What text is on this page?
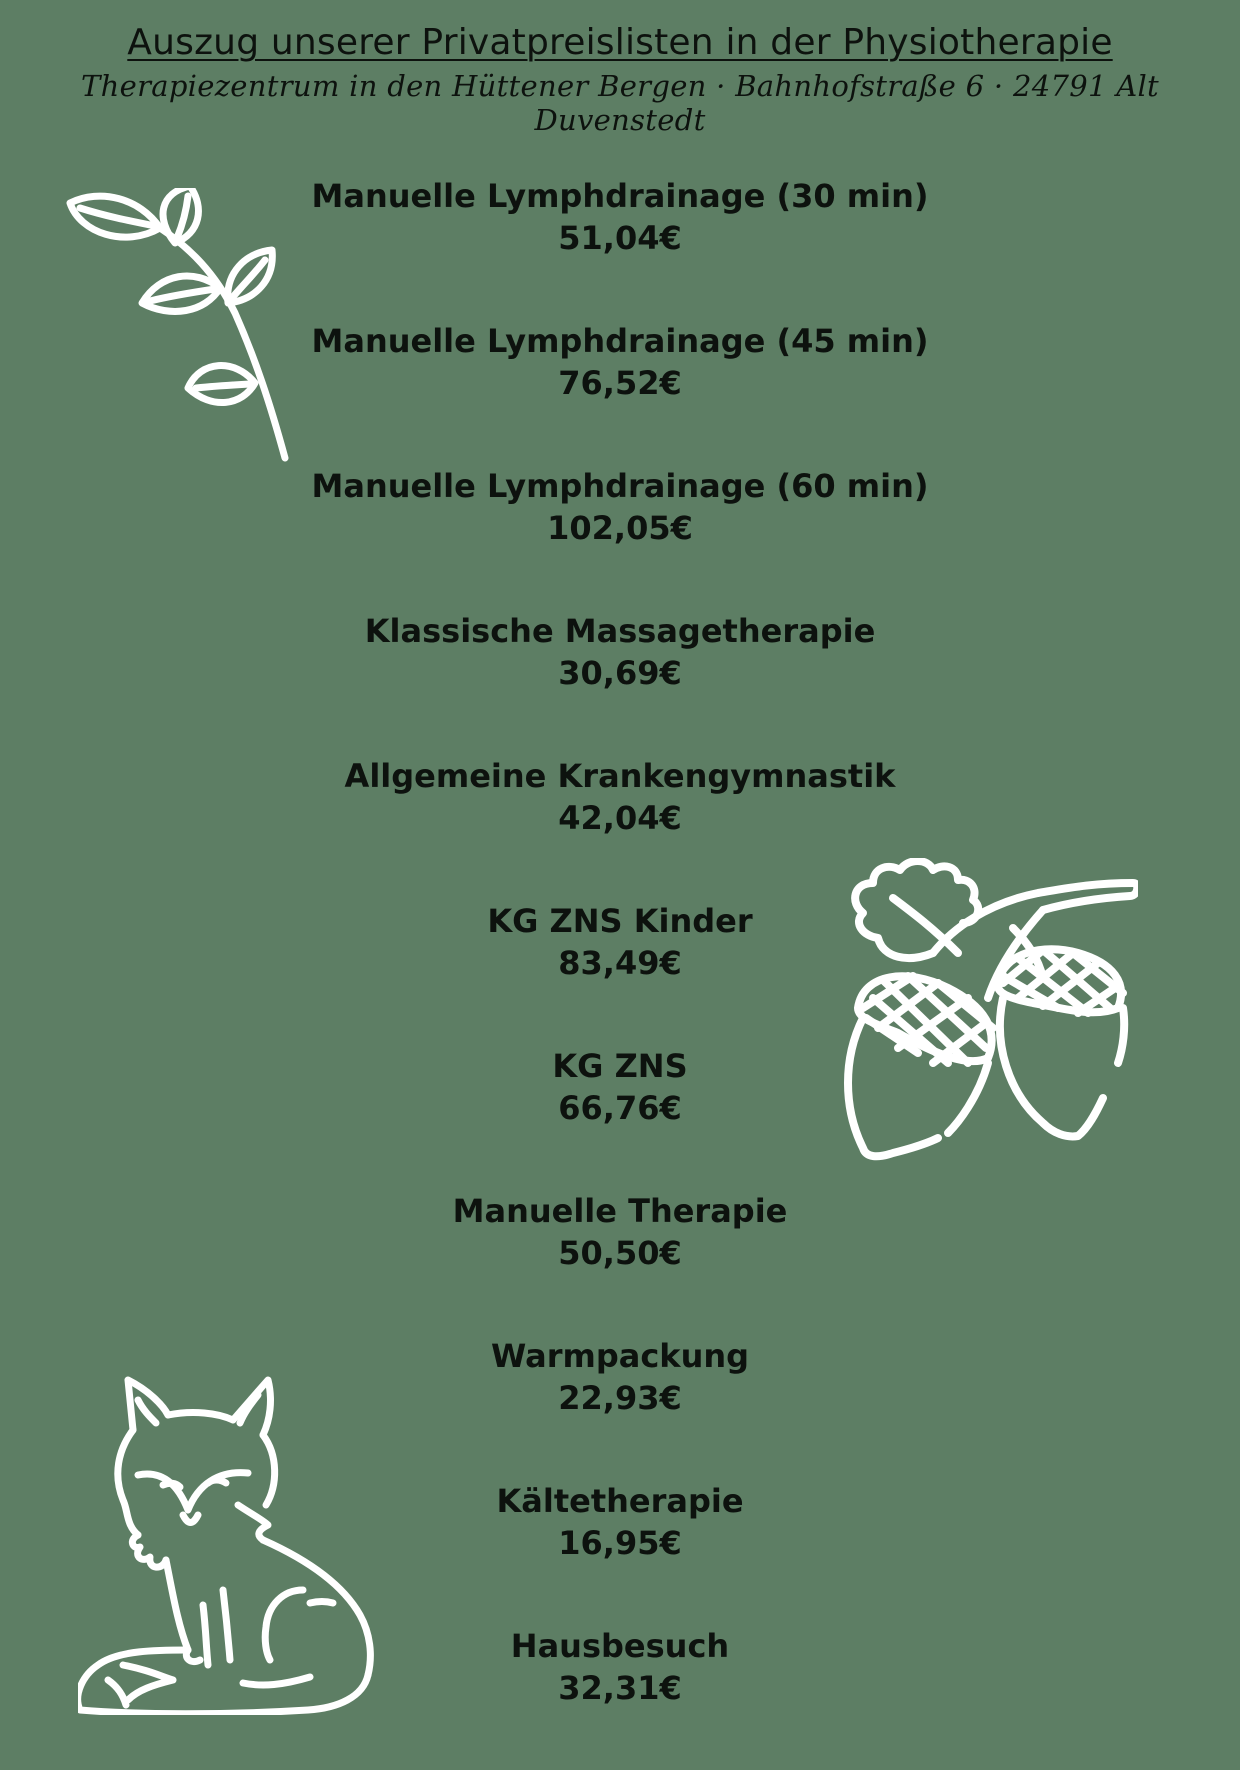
Auszug unserer Privatpreislisten in der Physiotherapie
Therapiezentrum in den Hüttener Bergen · Bahnhofstraße 6 · 24791 Alt Duvenstedt
Manuelle Lymphdrainage (30 min)
51,04€
Manuelle Lymphdrainage (45 min)
76,52€
Manuelle Lymphdrainage (60 min)
102,05€
Klassische Massagetherapie
30,69€
Allgemeine Krankengymnastik
42,04€
KG ZNS Kinder
83,49€
KG ZNS
66,76€
Manuelle Therapie
50,50€
Warmpackung
22,93€
Kältetherapie
16,95€
Hausbesuch
32,31€
